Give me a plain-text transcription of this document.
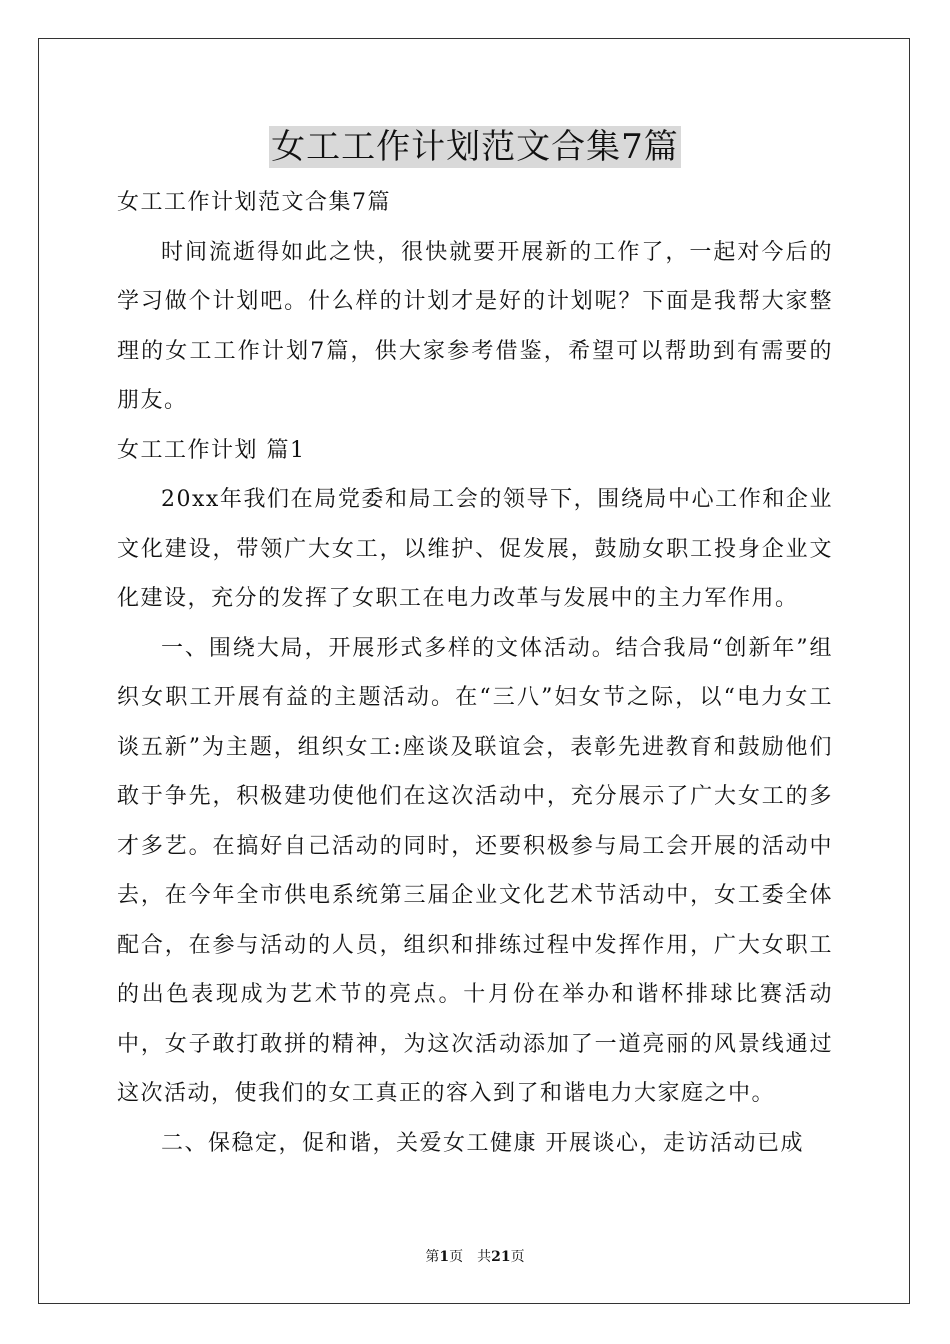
女工工作计划范文合集7篇

女工工作计划范文合集7篇

时间流逝得如此之快，很快就要开展新的工作了，一起对今后的学习做个计划吧。什么样的计划才是好的计划呢？下面是我帮大家整理的女工工作计划7篇，供大家参考借鉴，希望可以帮助到有需要的朋友。

女工工作计划 篇1

20xx年我们在局党委和局工会的领导下，围绕局中心工作和企业文化建设，带领广大女工，以维护、促发展，鼓励女职工投身企业文化建设，充分的发挥了女职工在电力改革与发展中的主力军作用。

一、围绕大局，开展形式多样的文体活动。结合我局“创新年”组织女职工开展有益的主题活动。在“三八”妇女节之际，以“电力女工谈五新”为主题，组织女工:座谈及联谊会，表彰先进教育和鼓励他们敢于争先，积极建功使他们在这次活动中，充分展示了广大女工的多才多艺。在搞好自己活动的同时，还要积极参与局工会开展的活动中去，在今年全市供电系统第三届企业文化艺术节活动中，女工委全体配合，在参与活动的人员，组织和排练过程中发挥作用，广大女职工的出色表现成为艺术节的亮点。十月份在举办和谐杯排球比赛活动中，女子敢打敢拼的精神，为这次活动添加了一道亮丽的风景线通过这次活动，使我们的女工真正的容入到了和谐电力大家庭之中。

二、保稳定，促和谐，关爱女工健康 开展谈心，走访活动已成

第1页　共21页
